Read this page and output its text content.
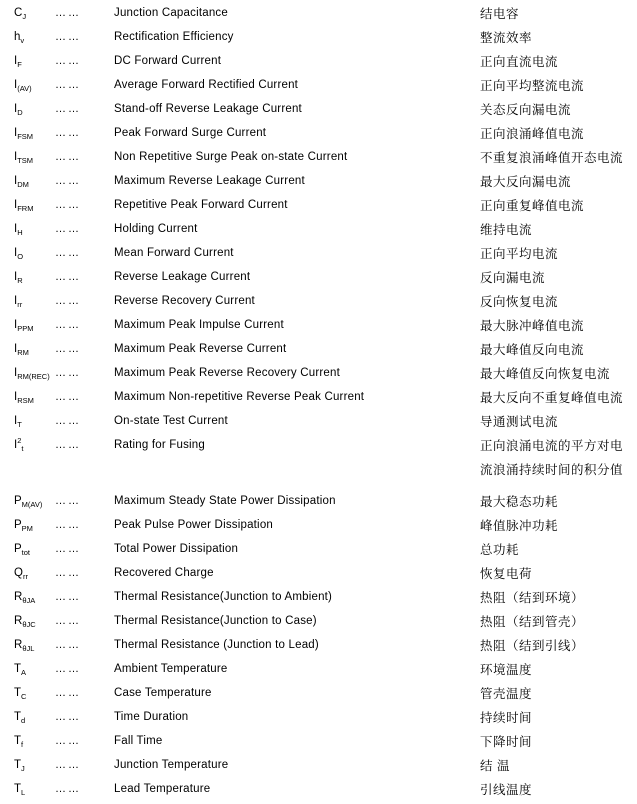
$C_J$	……	Junction Capacitance	结电容
$h_v$	……	Rectification Efficiency	整流效率
$I_F$	……	DC Forward Current	正向直流电流
$I_{(AV)}$	……	Average Forward Rectified Current	正向平均整流电流
$I_D$	……	Stand-off Reverse Leakage Current	关态反向漏电流
$I_{FSM}$	……	Peak Forward Surge Current	正向浪涌峰值电流
$I_{TSM}$	……	Non Repetitive Surge Peak on-state Current	不重复浪涌峰值开态电流
$I_{DM}$	……	Maximum Reverse Leakage Current	最大反向漏电流
$I_{FRM}$	……	Repetitive Peak Forward Current	正向重复峰值电流
$I_H$	……	Holding Current	维持电流
$I_O$	……	Mean Forward Current	正向平均电流
$I_R$	……	Reverse Leakage Current	反向漏电流
$I_{rr}$	……	Reverse Recovery Current	反向恢复电流
$I_{PPM}$	……	Maximum Peak Impulse Current	最大脉冲峰值电流
$I_{RM}$	……	Maximum Peak Reverse Current	最大峰值反向电流
$I_{RM(REC)}$ ……	Maximum Peak Reverse Recovery Current	最大峰值反向恢复电流
$I_{RSM}$	……	Maximum Non-repetitive Reverse Peak Current	最大反向不重复峰值电流
$I_T$	……	On-state Test Current	导通测试电流
$I^2_t$	……	Rating for Fusing	正向浪涌电流的平方对电
流浪涌持续时间的积分值
$P_{M(AV)}$	……	Maximum Steady State Power Dissipation	最大稳态功耗
$P_{PM}$	……	Peak Pulse Power Dissipation	峰值脉冲功耗
$P_{tot}$	……	Total Power Dissipation	总功耗
$Q_{rr}$	……	Recovered Charge	恢复电荷
$R_{\theta JA}$	……	Thermal Resistance(Junction to Ambient)	热阻（结到环境）
$R_{\theta JC}$	……	Thermal Resistance(Junction to Case)	热阻（结到管壳）
$R_{\theta JL}$	……	Thermal Resistance (Junction to Lead)	热阻（结到引线）
$T_A$	……	Ambient Temperature	环境温度
$T_C$	……	Case Temperature	管壳温度
$T_d$	……	Time Duration	持续时间
$T_f$	……	Fall Time	下降时间
$T_J$	……	Junction Temperature	结 温
$T_L$	……	Lead Temperature	引线温度
